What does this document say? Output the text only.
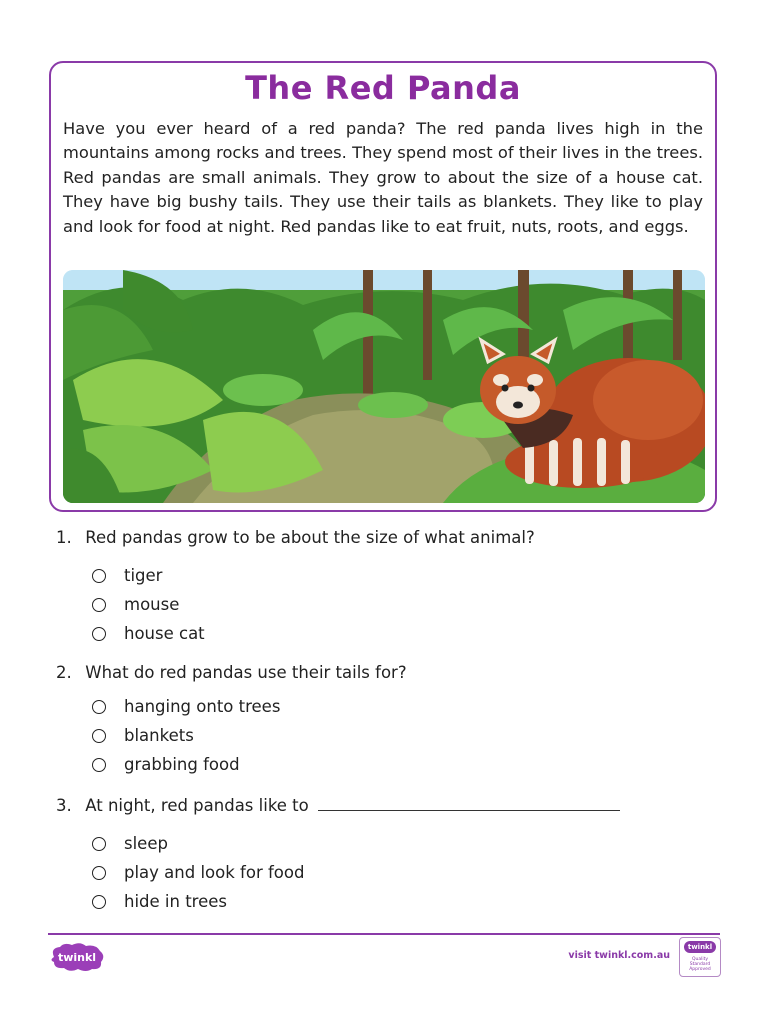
The Red Panda

Have you ever heard of a red panda? The red panda lives high in the mountains among rocks and trees. They spend most of their lives in the trees. Red pandas are small animals. They grow to about the size of a house cat. They have big bushy tails. They use their tails as blankets. They like to play and look for food at night. Red pandas like to eat fruit, nuts, roots, and eggs.

1. Red pandas grow to be about the size of what animal?
tiger
mouse
house cat
2. What do red pandas use their tails for?
hanging onto trees
blankets
grabbing food
3. At night, red pandas like to
sleep
play and look for food
hide in trees
twinkl	visit twinkl.com.au
twinkl
Quality Standard Approved
